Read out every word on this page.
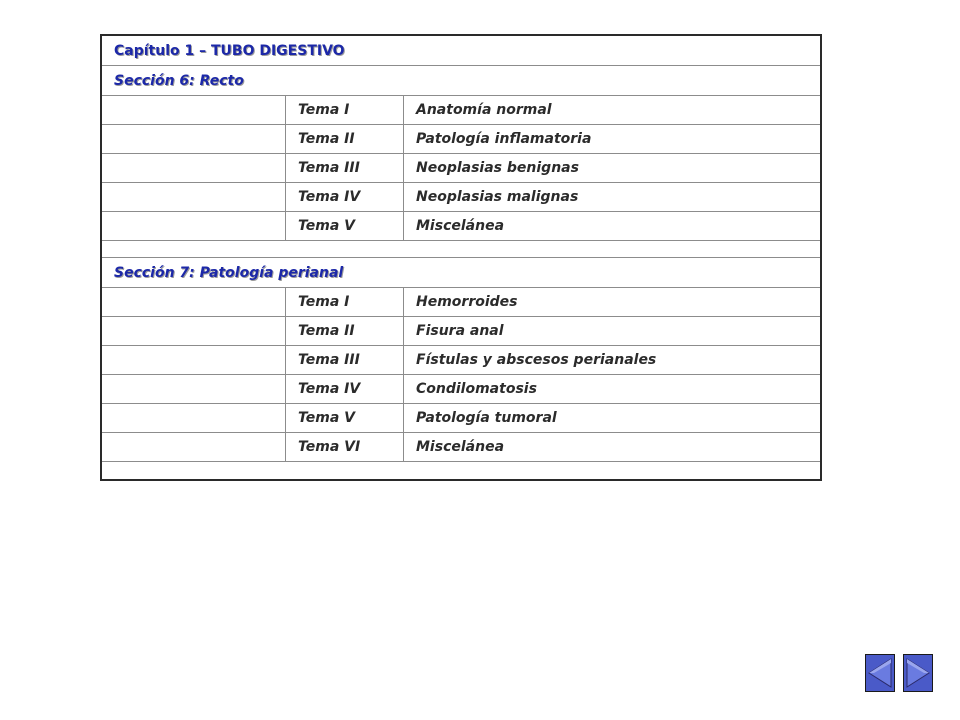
Capítulo 1 – TUBO DIGESTIVO
Sección 6: Recto
Tema I	Anatomía normal
Tema II	Patología inflamatoria
Tema III	Neoplasias benignas
Tema IV	Neoplasias malignas
Tema V	Miscelánea
Sección 7: Patología perianal
Tema I	Hemorroides
Tema II	Fisura anal
Tema III	Fístulas y abscesos perianales
Tema IV	Condilomatosis
Tema V	Patología tumoral
Tema VI	Miscelánea
